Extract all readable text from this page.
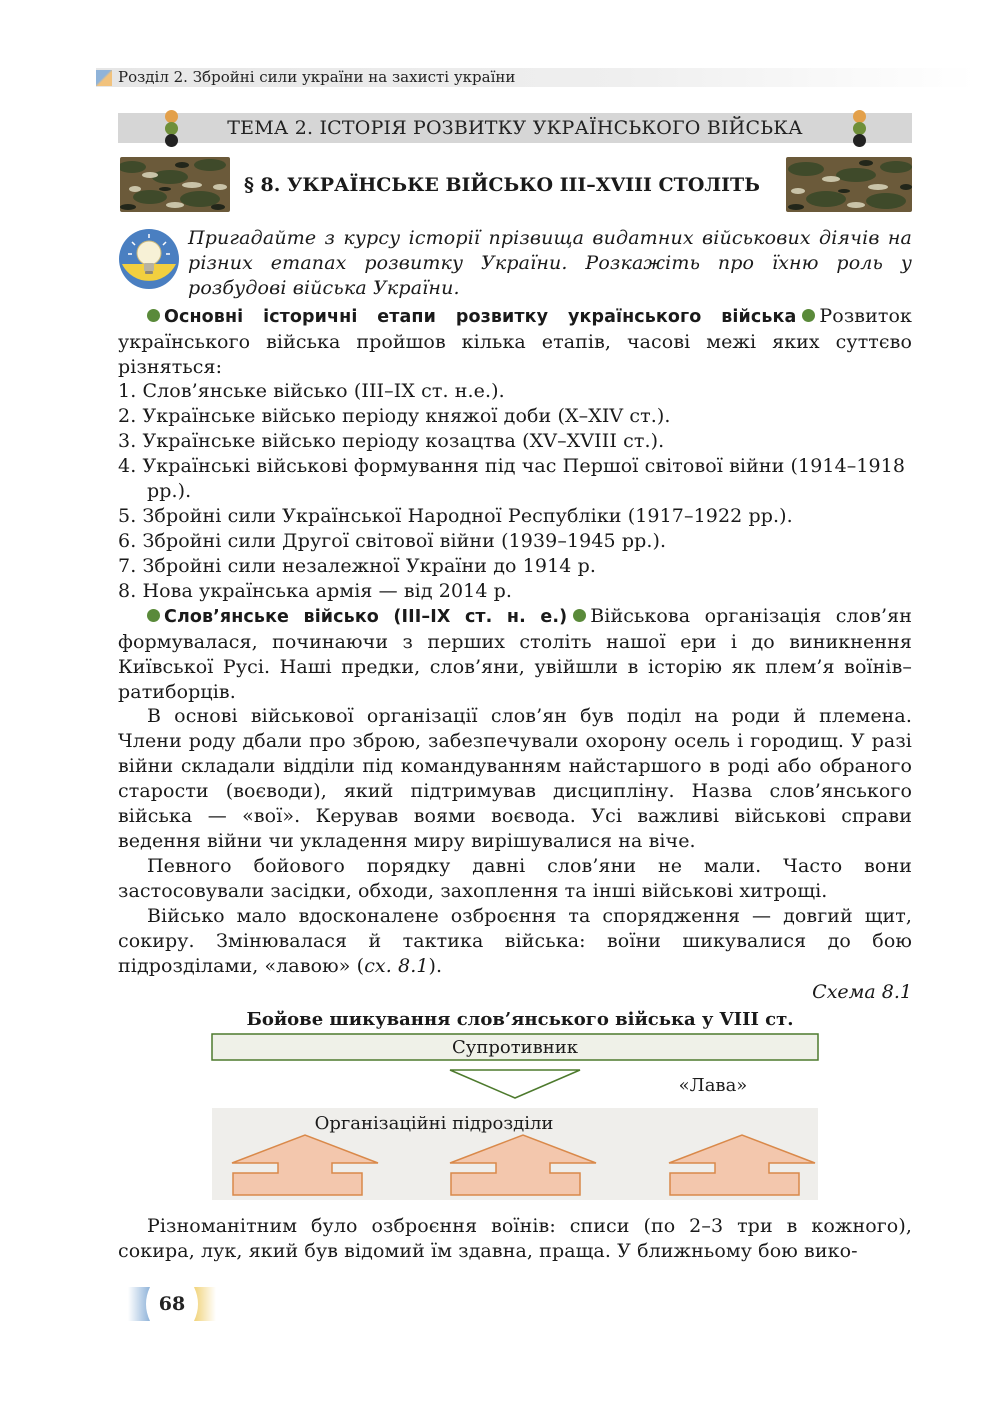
Розділ 2. Збройні сили україни на захисті україни
ТЕМА 2. ІСТОРІЯ РОЗВИТКУ УКРАЇНСЬКОГО ВІЙСЬКА
§ 8. УКРАЇНСЬКЕ ВІЙСЬКО III–XVIII СТОЛІТЬ
Пригадайте з курсу історії прізвища видатних військових діячів на різних етапах розвитку України. Розкажіть про їхню роль у розбудові війська України.
Основні історичні етапи розвитку українського війська Розвиток українського війська пройшов кілька етапів, часові межі яких суттєво різняться:
1. Слов’янське військо (III–IX ст. н.е.).
2. Українське військо періоду княжої доби (X–XIV ст.).
3. Українське військо періоду козацтва (XV–XVIII ст.).
4. Українські військові формування під час Першої світової війни (1914–1918 рр.).
5. Збройні сили Української Народної Республіки (1917–1922 рр.).
6. Збройні сили Другої світової війни (1939–1945 рр.).
7. Збройні сили незалежної України до 1914 р.
8. Нова українська армія — від 2014 р.
Слов’янське військо (III–IX ст. н. е.) Військова організація слов’ян формувалася, починаючи з перших століть нашої ери і до виникнення Київської Русі. Наші предки, слов’яни, увійшли в історію як плем’я воїнів–ратиборців.
В основі військової організації слов’ян був поділ на роди й племена. Члени роду дбали про зброю, забезпечували охорону осель і городищ. У разі війни складали відділи під командуванням найстаршого в роді або обраного старости (воєводи), який підтримував дисципліну. Назва слов’янського війська — «вої». Керував воями воєвода. Усі важливі військові справи ведення війни чи укладення миру вирішувалися на віче.
Певного бойового порядку давні слов’яни не мали. Часто вони застосовували засідки, обходи, захоплення та інші військові хитрощі.
Військо мало вдосконалене озброєння та спорядження — довгий щит, сокиру. Змінювалася й тактика війська: воїни шикувалися до бою підрозділами, «лавою» (сх. 8.1).
Схема 8.1
Бойове шикування слов’янського війська у VIII ст.
Супротивник
«Лава»
Організаційні підрозділи
Різноманітним було озброєння воїнів: списи (по 2–3 три в кожного), сокира, лук, який був відомий їм здавна, праща. У ближньому бою вико-
68
